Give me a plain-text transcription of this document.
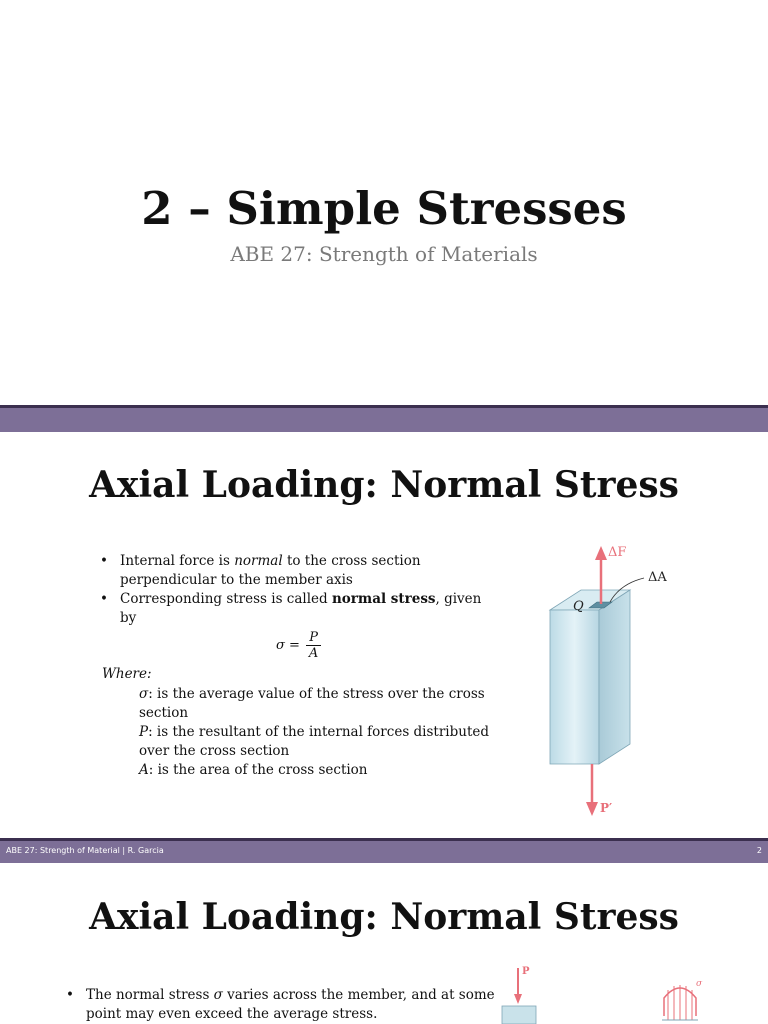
2 – Simple Stresses
ABE 27: Strength of Materials
Axial Loading: Normal Stress
• Internal force is normal to the cross section perpendicular to the member axis
• Corresponding stress is called normal stress, given by
$\sigma = \frac{P}{A}$
Where:
σ: is the average value of the stress over the cross section
P: is the resultant of the internal forces distributed over the cross section
A: is the area of the cross section
ΔF
ΔA
Q
P′
ABE 27: Strength of Material | R. Garcia	2
Axial Loading: Normal Stress
• The normal stress σ varies across the member, and at some point may even exceed the average stress.
P
σ
